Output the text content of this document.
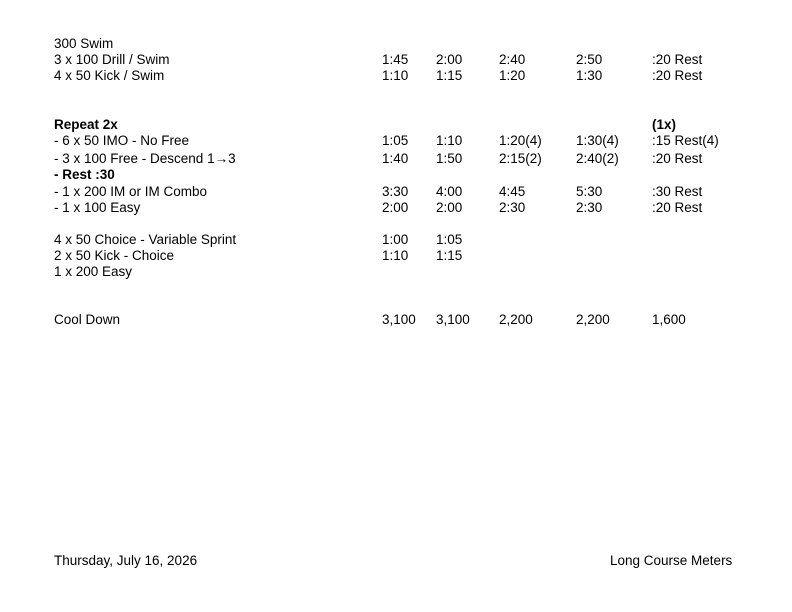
300 Swim
3 x 100 Drill / Swim	1:45 2:00	2:40	2:50	:20 Rest
4 x 50 Kick / Swim	1:10 1:15	1:20	1:30	:20 Rest
Repeat 2x	(1x)
- 6 x 50 IMO - No Free	1:05 1:10	1:20(4)	1:30(4) :15 Rest(4)
- 3 x 100 Free - Descend 1→3	1:40 1:50	2:15(2)	2:40(2) :20 Rest
- Rest :30
- 1 x 200 IM or IM Combo	3:30 4:00	4:45	5:30	:30 Rest
- 1 x 100 Easy	2:00 2:00	2:30	2:30	:20 Rest
4 x 50 Choice - Variable Sprint	1:00 1:05
2 x 50 Kick - Choice	1:10 1:15
1 x 200 Easy
Cool Down	3,100 3,100 2,200	2,200	1,600
Thursday, July 16, 2026	Long Course Meters
